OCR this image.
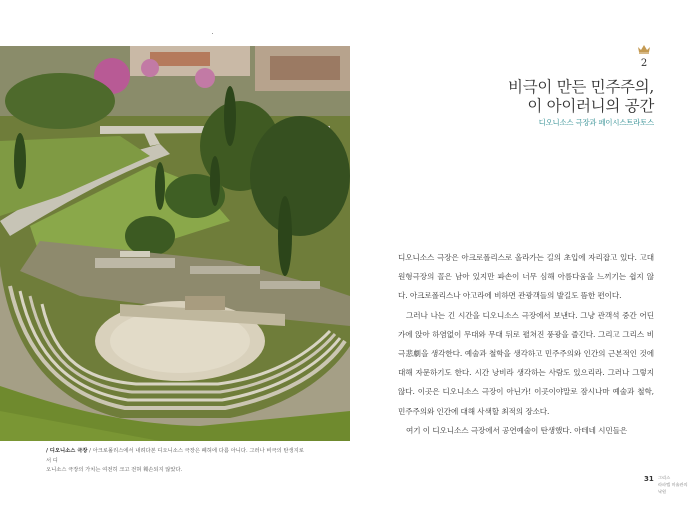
/ 디오니소스 극장 / 아크로폴리스에서 내려다본 디오니소스 극장은 폐허에 다름 아니다. 그러나 비극의 탄생지로서 디
오니소스 극장의 가치는 여전히 크고 전혀 훼손되지 않았다.
2
비극이 만든 민주주의,
이 아이러니의 공간
디오니소스 극장과 페이시스트라토스

디오니소스 극장은 아크로폴리스로 올라가는 길의 초입에 자리잡고 있다. 고대 원형극장의 꼴은 남아 있지만 파손이 너무 심해 아름다움을 느끼기는 쉽지 않다. 아크로폴리스나 아고라에 비하면 관광객들의 발길도 뜸한 편이다.

그러나 나는 긴 시간을 디오니소스 극장에서 보낸다. 그냥 관객석 중간 어딘가에 앉아 하염없이 무대와 무대 뒤로 펼쳐진 풍광을 즐긴다. 그리고 그리스 비극悲劇을 생각한다. 예술과 철학을 생각하고 민주주의와 인간의 근본적인 것에 대해 자문하기도 한다. 시간 낭비라 생각하는 사람도 있으리라. 그러나 그렇지 않다. 이곳은 디오니소스 극장이 아닌가! 이곳이야말로 잠시나마 예술과 철학, 민주주의와 인간에 대해 사색할 최적의 장소다.

여기 이 디오니소스 극장에서 공연예술이 탄생했다. 아테네 시민들은

31 그리스
라파엘 미술관의
낙원
